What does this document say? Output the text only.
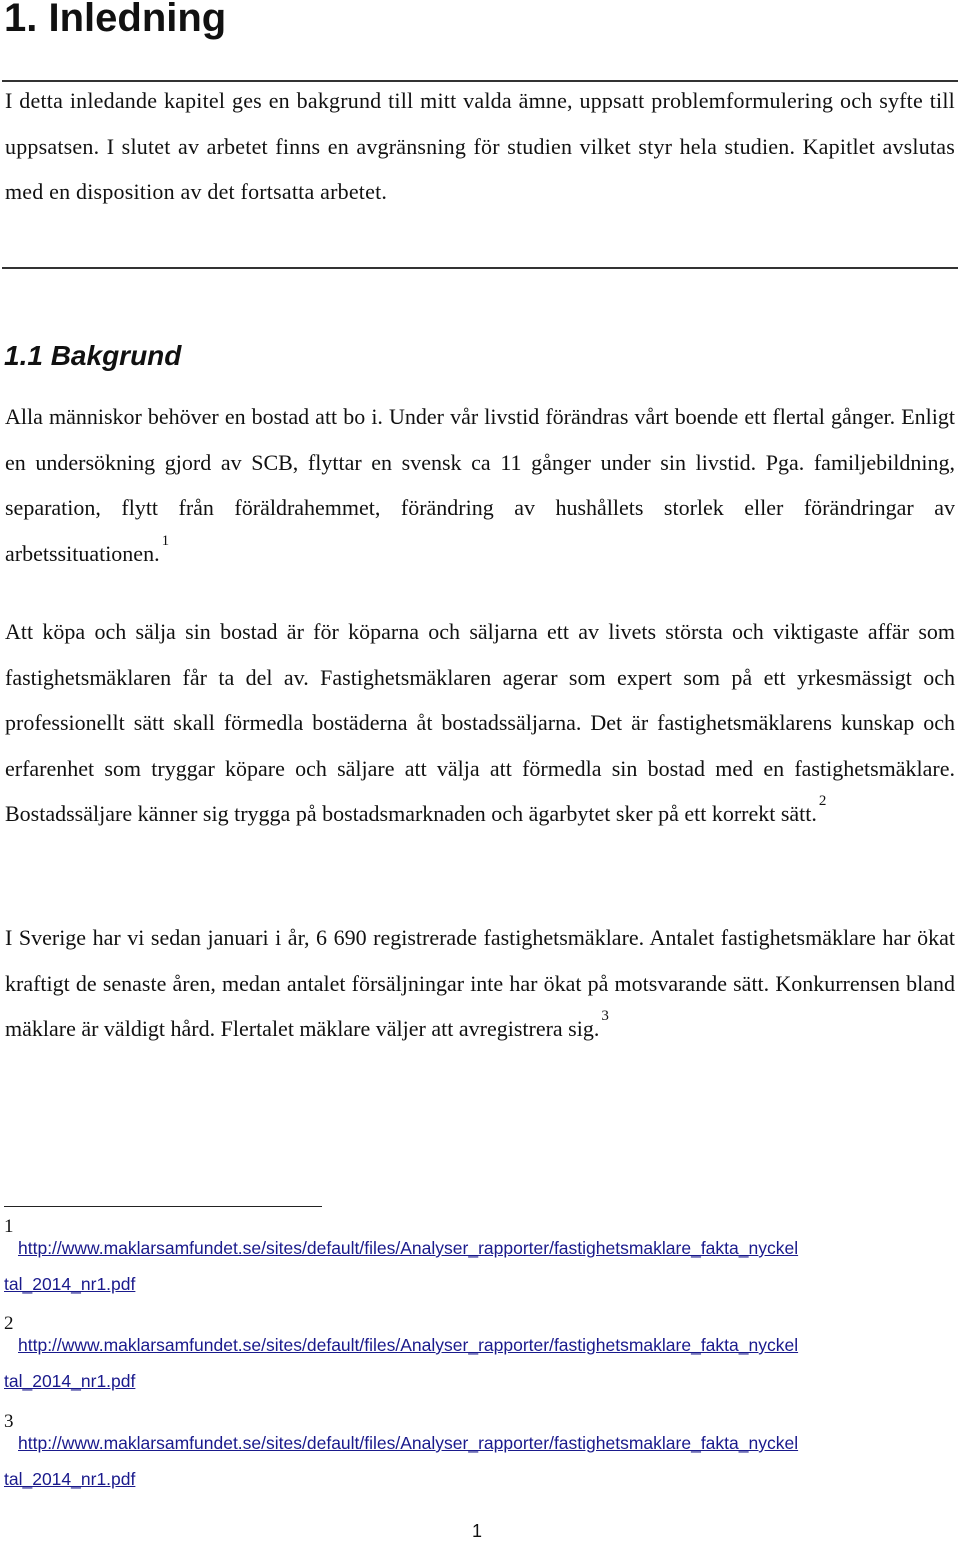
1. Inledning

I detta inledande kapitel ges en bakgrund till mitt valda ämne, uppsatt problemformulering och syfte till uppsatsen. I slutet av arbetet finns en avgränsning för studien vilket styr hela studien. Kapitlet avslutas med en disposition av det fortsatta arbetet.

1.1 Bakgrund

Alla människor behöver en bostad att bo i. Under vår livstid förändras vårt boende ett flertal gånger. Enligt en undersökning gjord av SCB, flyttar en svensk ca 11 gånger under sin livstid. Pga. familjebildning, separation, flytt från föräldrahemmet, förändring av hushållets storlek eller förändringar av arbetssituationen. $^1$

Att köpa och sälja sin bostad är för köparna och säljarna ett av livets största och viktigaste affär som fastighetsmäklaren får ta del av. Fastighetsmäklaren agerar som expert som på ett yrkesmässigt och professionellt sätt skall förmedla bostäderna åt bostadssäljarna. Det är fastighetsmäklarens kunskap och erfarenhet som tryggar köpare och säljare att välja att förmedla sin bostad med en fastighetsmäklare. Bostadssäljare känner sig trygga på bostadsmarknaden och ägarbytet sker på ett korrekt sätt. $^2$

I Sverige har vi sedan januari i år, 6 690 registrerade fastighetsmäklare. Antalet fastighetsmäklare har ökat kraftigt de senaste åren, medan antalet försäljningar inte har ökat på motsvarande sätt. Konkurrensen bland mäklare är väldigt hård. Flertalet mäklare väljer att avregistrera sig. $^3$

1
http://www.maklarsamfundet.se/sites/default/files/Analyser_rapporter/fastighetsmaklare_fakta_nyckel
tal_2014_nr1.pdf
2
http://www.maklarsamfundet.se/sites/default/files/Analyser_rapporter/fastighetsmaklare_fakta_nyckel
tal_2014_nr1.pdf
3
http://www.maklarsamfundet.se/sites/default/files/Analyser_rapporter/fastighetsmaklare_fakta_nyckel
tal_2014_nr1.pdf
1
